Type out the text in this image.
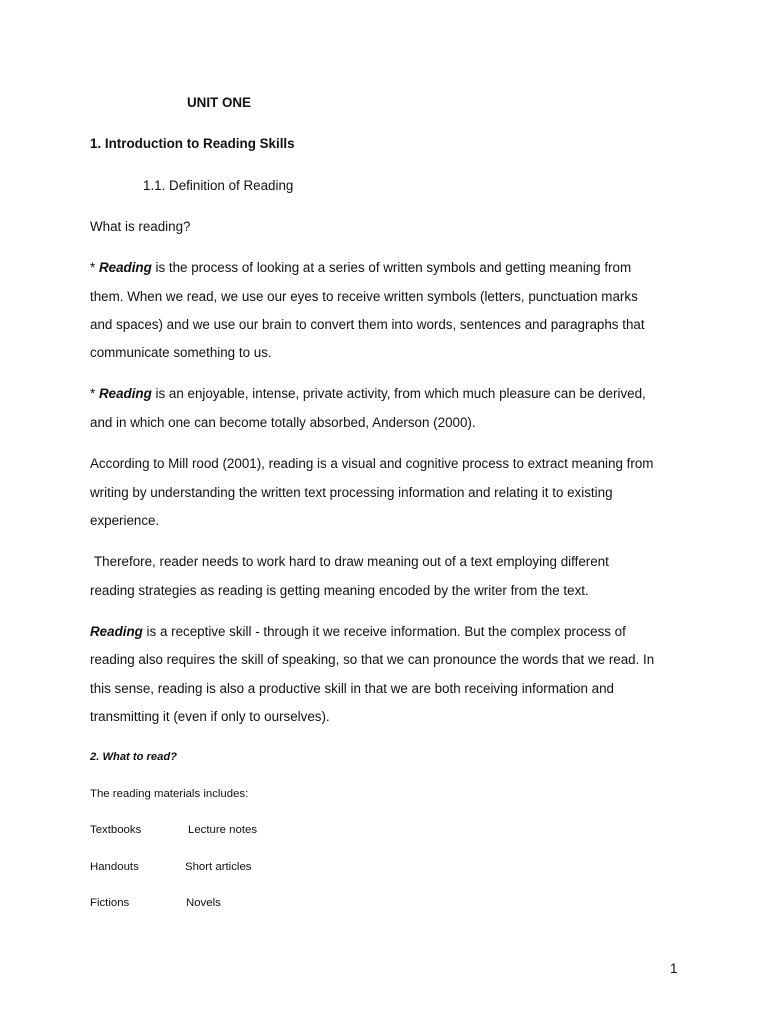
UNIT ONE
1. Introduction to Reading Skills
1.1. Definition of Reading
What is reading?
* Reading is the process of looking at a series of written symbols and getting meaning from
them. When we read, we use our eyes to receive written symbols (letters, punctuation marks
and spaces) and we use our brain to convert them into words, sentences and paragraphs that
communicate something to us.
* Reading is an enjoyable, intense, private activity, from which much pleasure can be derived,
and in which one can become totally absorbed, Anderson (2000).
According to Mill rood (2001), reading is a visual and cognitive process to extract meaning from
writing by understanding the written text processing information and relating it to existing
experience.
Therefore, reader needs to work hard to draw meaning out of a text employing different
reading strategies as reading is getting meaning encoded by the writer from the text.
Reading is a receptive skill - through it we receive information. But the complex process of
reading also requires the skill of speaking, so that we can pronounce the words that we read. In
this sense, reading is also a productive skill in that we are both receiving information and
transmitting it (even if only to ourselves).
2. What to read?
The reading materials includes:
Textbooks	Lecture notes
Handouts	Short articles
Fictions	Novels
1
